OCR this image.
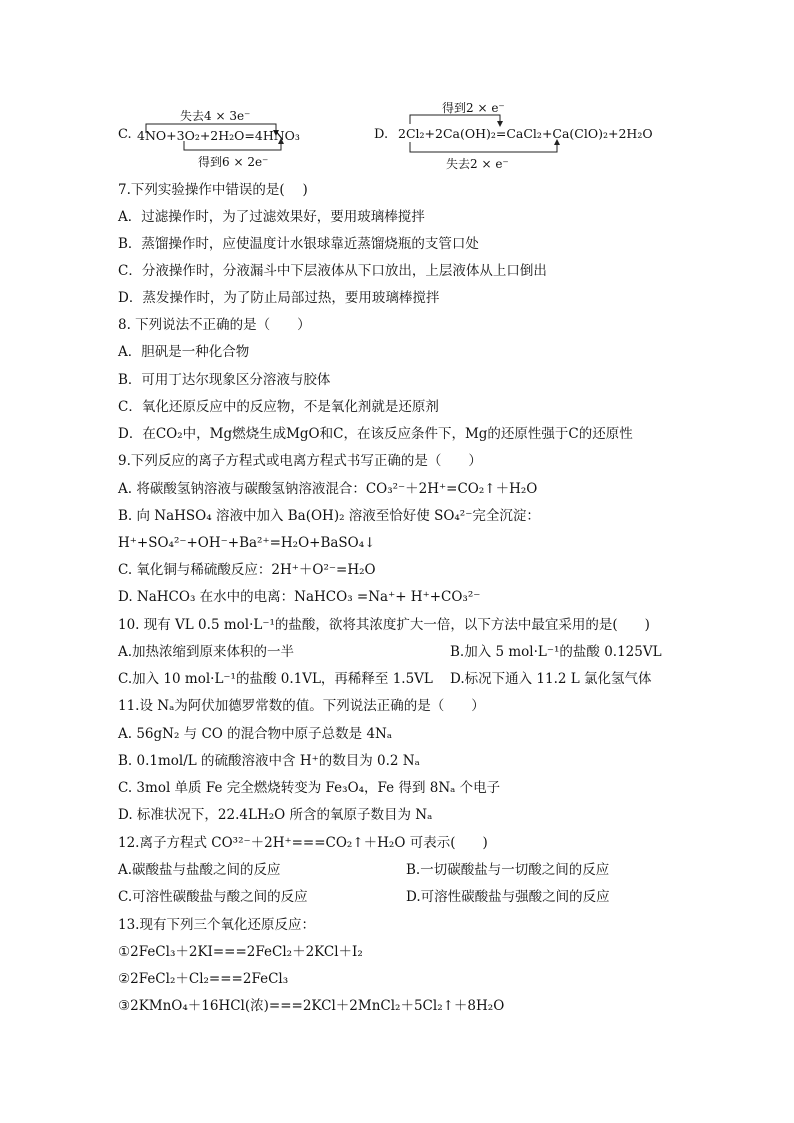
失去4 × 3e⁻
C. 4NO+3O₂+2H₂O=4HNO₃
得到6 × 2e⁻
得到2 × e⁻
D. 2Cl₂+2Ca(OH)₂=CaCl₂+Ca(ClO)₂+2H₂O
失去2 × e⁻
7.下列实验操作中错误的是(　 )
A．过滤操作时，为了过滤效果好，要用玻璃棒搅拌
B．蒸馏操作时，应使温度计水银球靠近蒸馏烧瓶的支管口处
C．分液操作时，分液漏斗中下层液体从下口放出，上层液体从上口倒出
D．蒸发操作时，为了防止局部过热，要用玻璃棒搅拌
8. 下列说法不正确的是（　　）
A．胆矾是一种化合物
B．可用丁达尔现象区分溶液与胶体
C．氧化还原反应中的反应物，不是氧化剂就是还原剂
D．在CO₂中，Mg燃烧生成MgO和C，在该反应条件下，Mg的还原性强于C的还原性
9.下列反应的离子方程式或电离方程式书写正确的是（　　）
A. 将碳酸氢钠溶液与碳酸氢钠溶液混合：CO₃²⁻＋2H⁺=CO₂↑＋H₂O
B. 向 NaHSO₄ 溶液中加入 Ba(OH)₂ 溶液至恰好使 SO₄²⁻完全沉淀：
H⁺+SO₄²⁻+OH⁻+Ba²⁺=H₂O+BaSO₄↓
C. 氧化铜与稀硫酸反应：2H⁺＋O²⁻=H₂O
D. NaHCO₃ 在水中的电离：NaHCO₃ =Na⁺+ H⁺+CO₃²⁻
10. 现有 VL 0.5 mol·L⁻¹的盐酸，欲将其浓度扩大一倍，以下方法中最宜采用的是(　　)
A.加热浓缩到原来体积的一半	B.加入 5 mol·L⁻¹的盐酸 0.125VL
C.加入 10 mol·L⁻¹的盐酸 0.1VL，再稀释至 1.5VL D.标况下通入 11.2 L 氯化氢气体
11.设 Nₐ为阿伏加德罗常数的值。下列说法正确的是（　　）
A. 56gN₂ 与 CO 的混合物中原子总数是 4Nₐ
B. 0.1mol/L 的硫酸溶液中含 H⁺的数目为 0.2 Nₐ
C. 3mol 单质 Fe 完全燃烧转变为 Fe₃O₄，Fe 得到 8Nₐ 个电子
D. 标准状况下，22.4LH₂O 所含的氧原子数目为 Nₐ
12.离子方程式 CO³²⁻＋2H⁺===CO₂↑＋H₂O 可表示(　　)
A.碳酸盐与盐酸之间的反应	B.一切碳酸盐与一切酸之间的反应
C.可溶性碳酸盐与酸之间的反应	D.可溶性碳酸盐与强酸之间的反应
13.现有下列三个氧化还原反应：
①2FeCl₃＋2KI===2FeCl₂＋2KCl＋I₂
②2FeCl₂＋Cl₂===2FeCl₃
③2KMnO₄＋16HCl(浓)===2KCl＋2MnCl₂＋5Cl₂↑＋8H₂O
